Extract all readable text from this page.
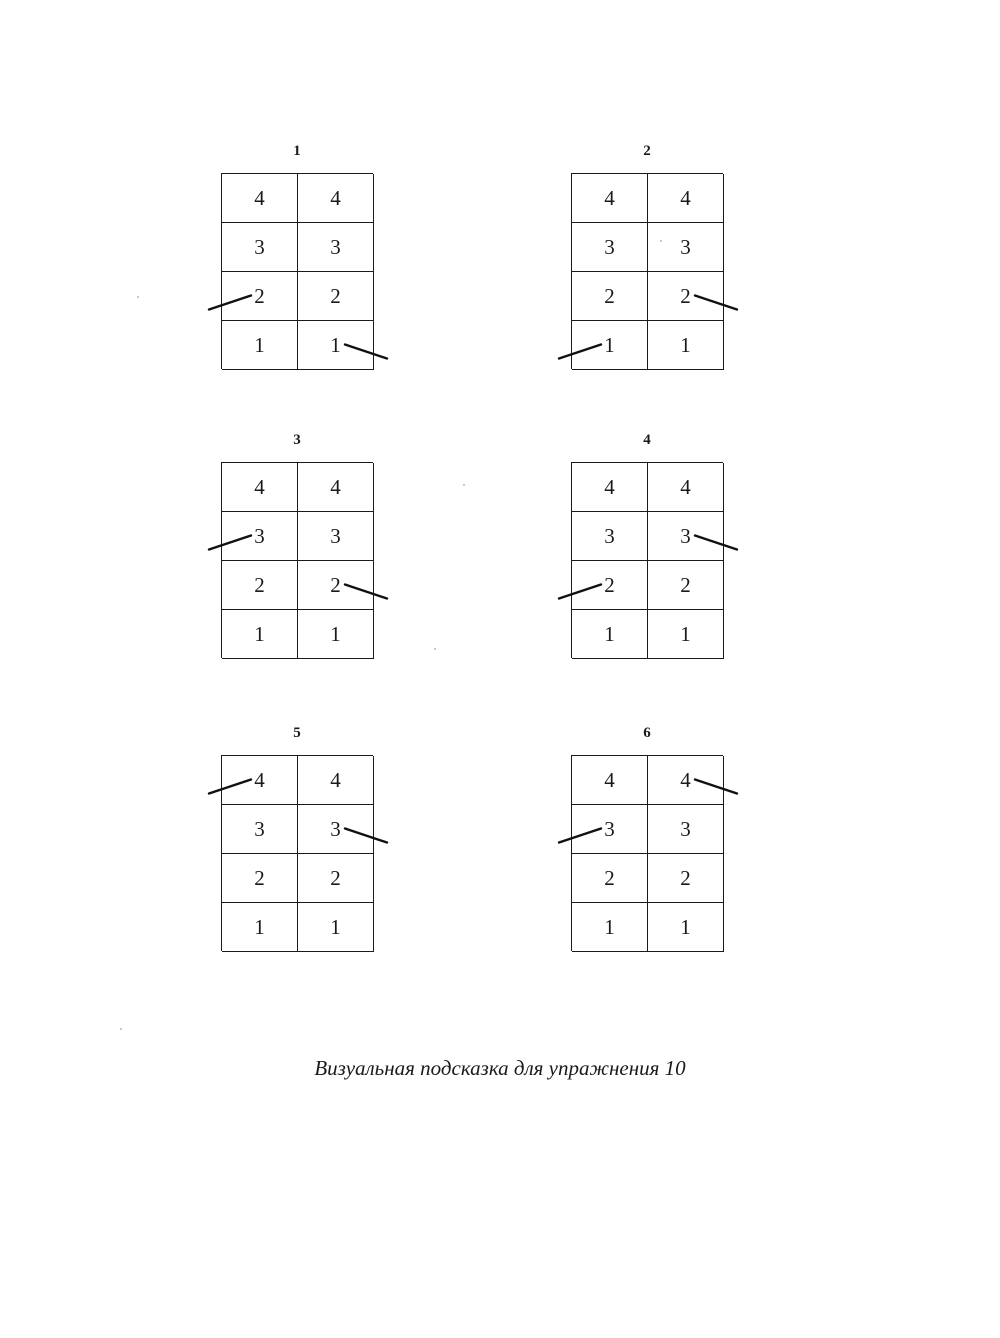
1
4	4
3	3
2	2
1	1
2
4	4
3	3
2	2
1	1
3
4	4
3	3
2	2
1	1
4
4	4
3	3
2	2
1	1
5
4	4
3	3
2	2
1	1
6
4	4
3	3
2	2
1	1
Визуальная подсказка для упражнения 10
